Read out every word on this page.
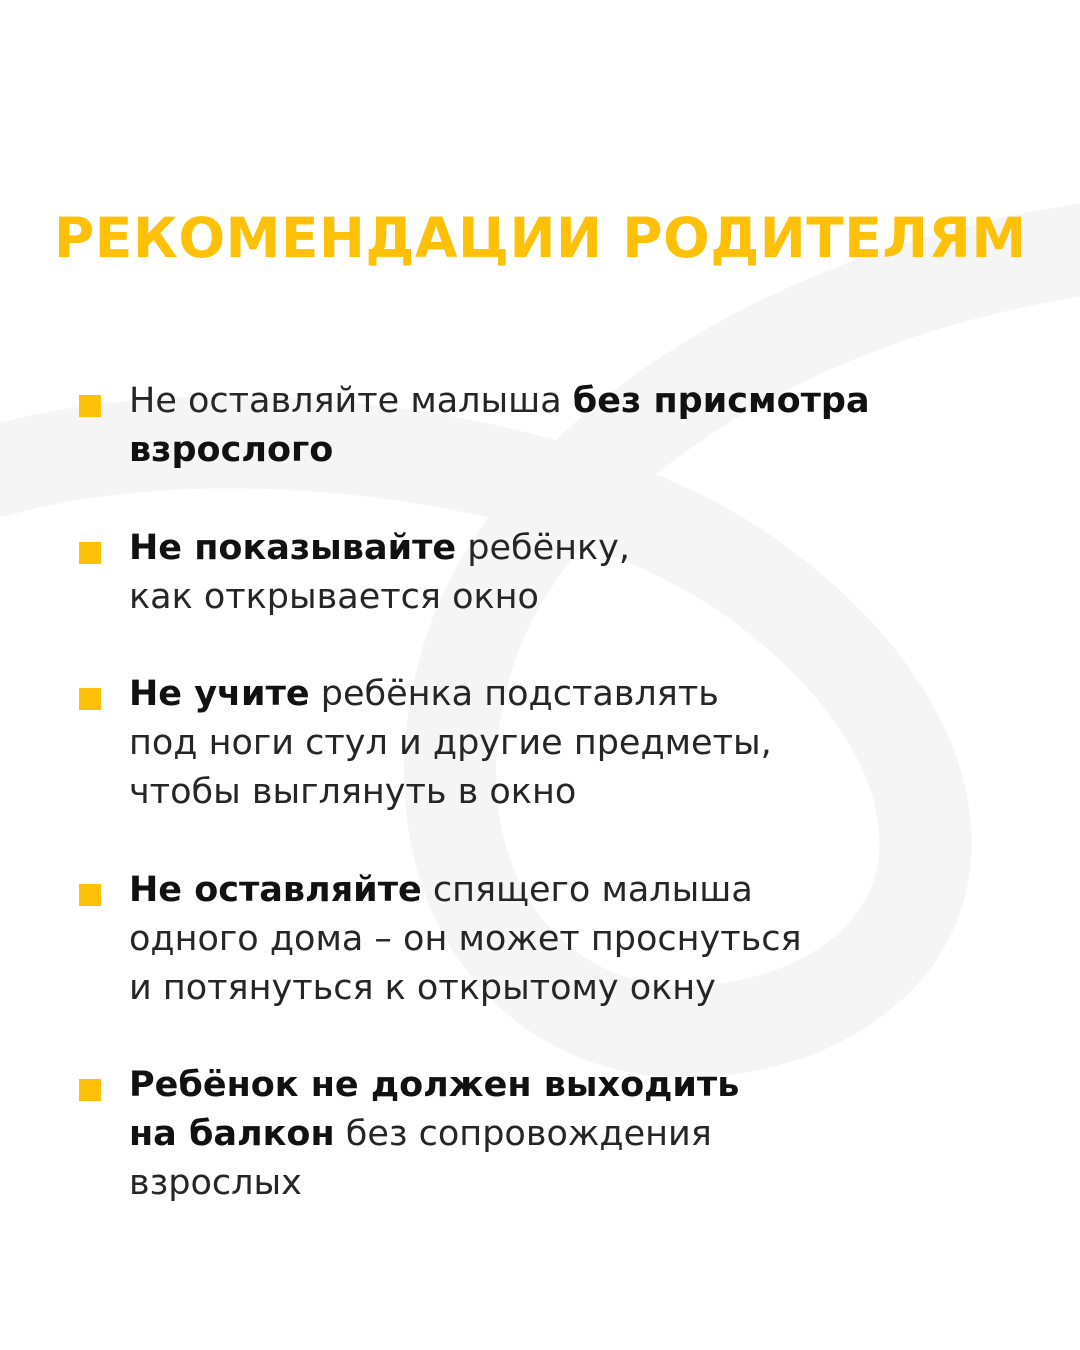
РЕКОМЕНДАЦИИ РОДИТЕЛЯМ

Не оставляйте малыша без присмотра
взрослого

Не показывайте ребёнку,
как открывается окно

Не учите ребёнка подставлять
под ноги стул и другие предметы,
чтобы выглянуть в окно

Не оставляйте спящего малыша
одного дома – он может проснуться
и потянуться к открытому окну

Ребёнок не должен выходить
на балкон без сопровождения
взрослых
